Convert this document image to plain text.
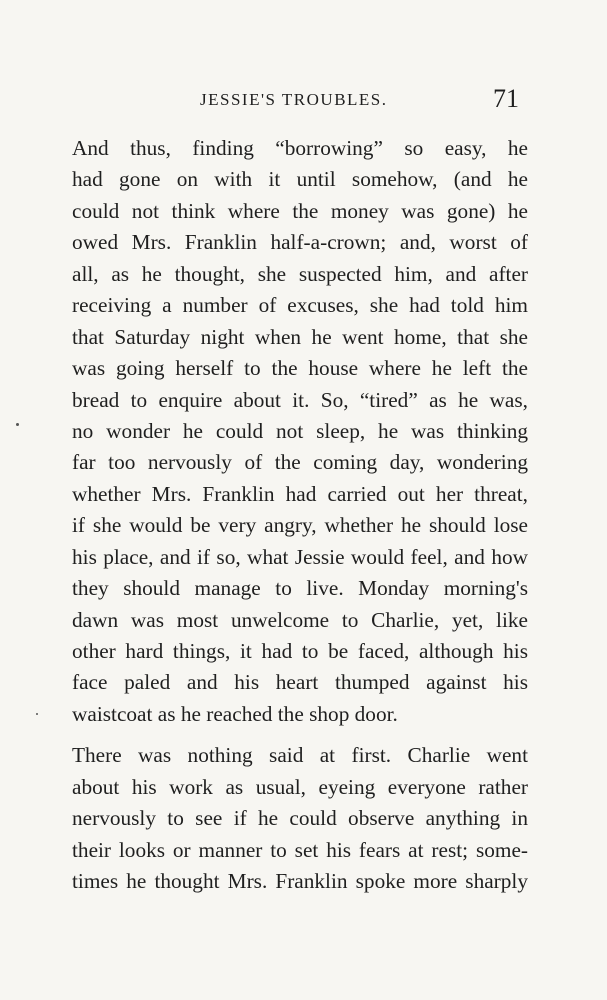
JESSIE'S TROUBLES.	71
And thus, finding “borrowing” so easy, he
had gone on with it until somehow, (and he
could not think where the money was gone) he
owed Mrs. Franklin half-a-crown; and, worst of
all, as he thought, she suspected him, and after
receiving a number of excuses, she had told him
that Saturday night when he went home, that she
was going herself to the house where he left the
bread to enquire about it. So, “tired” as he was,
no wonder he could not sleep, he was thinking
far too nervously of the coming day, wondering
whether Mrs. Franklin had carried out her threat,
if she would be very angry, whether he should lose
his place, and if so, what Jessie would feel, and how
they should manage to live. Monday morning's
dawn was most unwelcome to Charlie, yet, like
other hard things, it had to be faced, although his
face paled and his heart thumped against his
waistcoat as he reached the shop door.
There was nothing said at first. Charlie went
about his work as usual, eyeing everyone rather
nervously to see if he could observe anything in
their looks or manner to set his fears at rest; some-
times he thought Mrs. Franklin spoke more sharply
